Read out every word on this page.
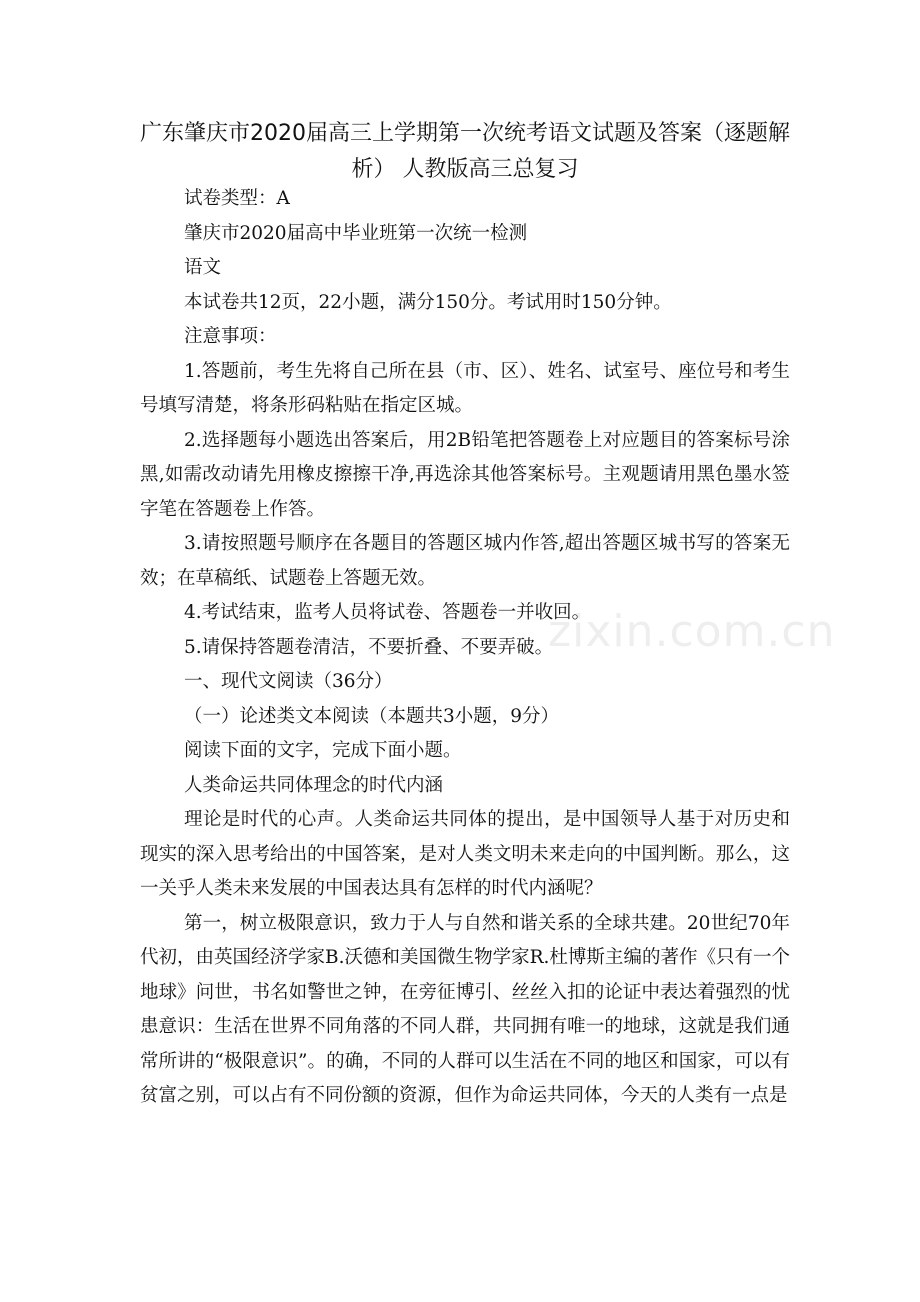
广东肇庆市2020届高三上学期第一次统考语文试题及答案（逐题解析） 人教版高三总复习

试卷类型：A

肇庆市2020届高中毕业班第一次统一检测

语文

本试卷共12页，22小题，满分150分。考试用时150分钟。

注意事项：

1.答题前，考生先将自己所在县（市、区）、姓名、试室号、座位号和考生号填写清楚，将条形码粘贴在指定区城。

2.选择题每小题选出答案后，用2B铅笔把答题卷上对应题目的答案标号涂黑,如需改动请先用橡皮擦擦干净,再选涂其他答案标号。主观题请用黑色墨水签字笔在答题卷上作答。

3.请按照题号顺序在各题目的答题区城内作答,超出答题区城书写的答案无效；在草稿纸、试题卷上答题无效。

4.考试结束，监考人员将试卷、答题卷一并收回。

5.请保持答题卷清洁，不要折叠、不要弄破。

一、现代文阅读（36分）

（一）论述类文本阅读（本题共3小题，9分）

阅读下面的文字，完成下面小题。

人类命运共同体理念的时代内涵

理论是时代的心声。人类命运共同体的提出，是中国领导人基于对历史和现实的深入思考给出的中国答案，是对人类文明未来走向的中国判断。那么，这一关乎人类未来发展的中国表达具有怎样的时代内涵呢？

第一，树立极限意识，致力于人与自然和谐关系的全球共建。20世纪70年代初，由英国经济学家B.沃德和美国微生物学家R.杜博斯主编的著作《只有一个地球》问世，书名如警世之钟，在旁征博引、丝丝入扣的论证中表达着强烈的忧患意识：生活在世界不同角落的不同人群，共同拥有唯一的地球，这就是我们通常所讲的“极限意识”。的确，不同的人群可以生活在不同的地区和国家，可以有贫富之别，可以占有不同份额的资源，但作为命运共同体，今天的人类有一点是

zixin.com.cn
